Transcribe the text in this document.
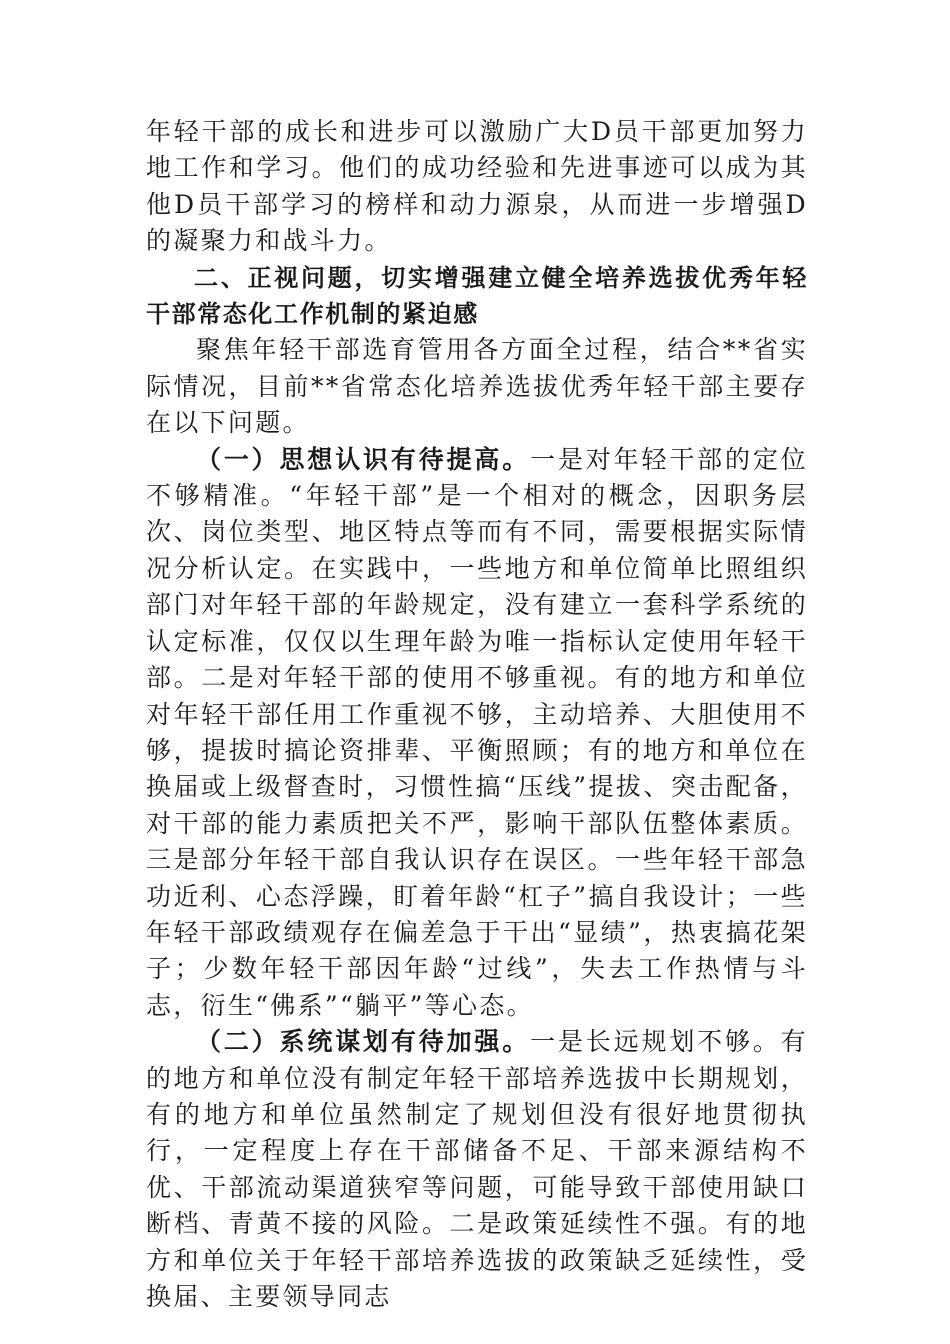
年轻干部的成长和进步可以激励广大D员干部更加努力地工作和学习。他们的成功经验和先进事迹可以成为其他D员干部学习的榜样和动力源泉，从而进一步增强D的凝聚力和战斗力。

二、正视问题，切实增强建立健全培养选拔优秀年轻干部常态化工作机制的紧迫感

聚焦年轻干部选育管用各方面全过程，结合**省实际情况，目前**省常态化培养选拔优秀年轻干部主要存在以下问题。

（一）思想认识有待提高。一是对年轻干部的定位不够精准。“年轻干部”是一个相对的概念，因职务层次、岗位类型、地区特点等而有不同，需要根据实际情况分析认定。在实践中，一些地方和单位简单比照组织部门对年轻干部的年龄规定，没有建立一套科学系统的认定标准，仅仅以生理年龄为唯一指标认定使用年轻干部。二是对年轻干部的使用不够重视。有的地方和单位对年轻干部任用工作重视不够，主动培养、大胆使用不够，提拔时搞论资排辈、平衡照顾；有的地方和单位在换届或上级督查时，习惯性搞“压线”提拔、突击配备，对干部的能力素质把关不严，影响干部队伍整体素质。三是部分年轻干部自我认识存在误区。一些年轻干部急功近利、心态浮躁，盯着年龄“杠子”搞自我设计；一些年轻干部政绩观存在偏差急于干出“显绩”，热衷搞花架子；少数年轻干部因年龄“过线”，失去工作热情与斗志，衍生“佛系”“躺平”等心态。

（二）系统谋划有待加强。一是长远规划不够。有的地方和单位没有制定年轻干部培养选拔中长期规划，有的地方和单位虽然制定了规划但没有很好地贯彻执行，一定程度上存在干部储备不足、干部来源结构不优、干部流动渠道狭窄等问题，可能导致干部使用缺口断档、青黄不接的风险。二是政策延续性不强。有的地方和单位关于年轻干部培养选拔的政策缺乏延续性，受换届、主要领导同志
